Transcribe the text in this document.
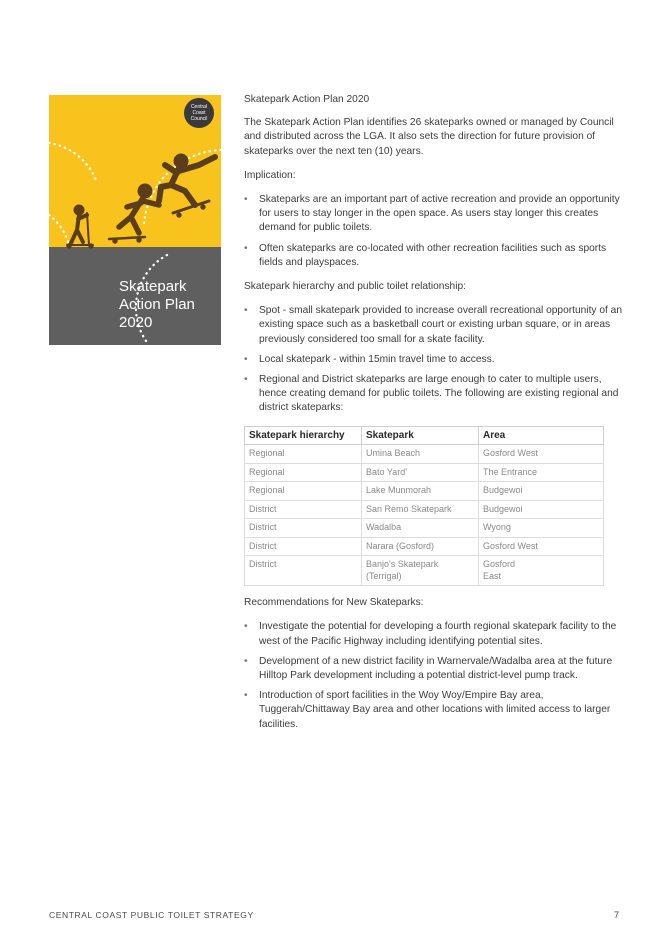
Central
Coast
Council
Skatepark
Action Plan
2020

Skatepark Action Plan 2020

The Skatepark Action Plan identifies 26 skateparks owned or managed by Council and distributed across the LGA. It also sets the direction for future provision of skateparks over the next ten (10) years.

Implication:

• Skateparks are an important part of active recreation and provide an opportunity for users to stay longer in the open space. As users stay longer this creates demand for public toilets.
• Often skateparks are co-located with other recreation facilities such as sports fields and playspaces.

Skatepark hierarchy and public toilet relationship:

• Spot - small skatepark provided to increase overall recreational opportunity of an existing space such as a basketball court or existing urban square, or in areas previously considered too small for a skate facility.
• Local skatepark - within 15min travel time to access.
• Regional and District skateparks are large enough to cater to multiple users, hence creating demand for public toilets. The following are existing regional and district skateparks:
Skatepark hierarchy	Skatepark	Area
Regional	Umina Beach	Gosford West
Regional	Bato Yard'	The Entrance
Regional	Lake Munmorah	Budgewoi
District	San Remo Skatepark	Budgewoi
District	Wadalba	Wyong
District	Narara (Gosford)	Gosford West
District	Banjo's Skatepark
(Terrigal)	Gosford
East

Recommendations for New Skateparks:

• Investigate the potential for developing a fourth regional skatepark facility to the west of the Pacific Highway including identifying potential sites.
• Development of a new district facility in Warnervale/Wadalba area at the future Hilltop Park development including a potential district-level pump track.
• Introduction of sport facilities in the Woy Woy/Empire Bay area, Tuggerah/Chittaway Bay area and other locations with limited access to larger facilities.
CENTRAL COAST PUBLIC TOILET STRATEGY	7
